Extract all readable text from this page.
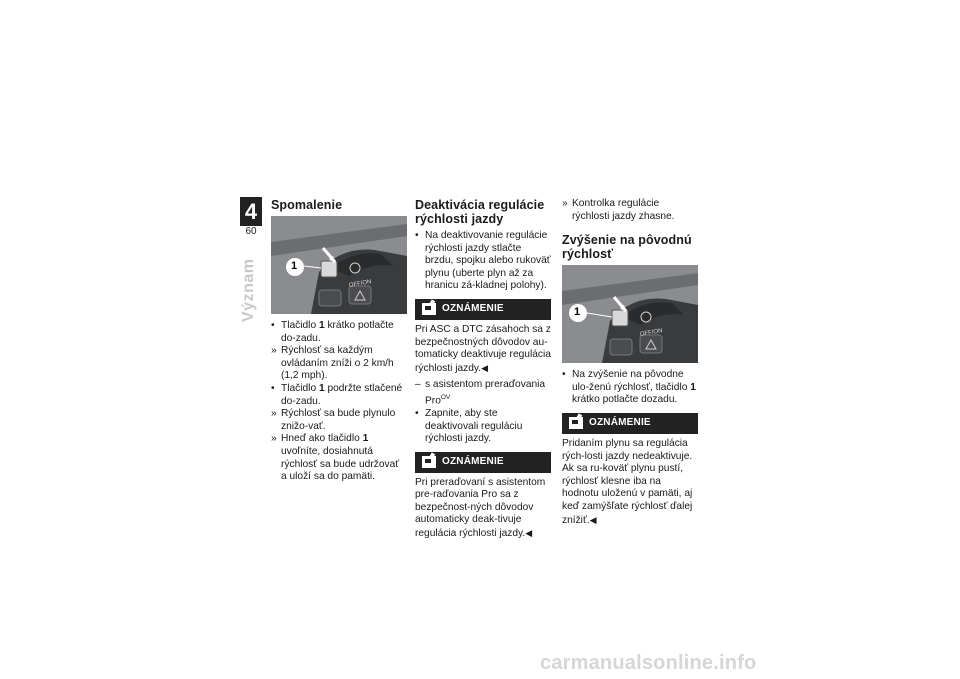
4
60
Význam
Spomalenie
1
OFF/ON
• Tlačidlo 1 krátko potlačte do-zadu.
» Rýchlosť sa každým ovládaním zníži o 2 km/h (1,2 mph).
• Tlačidlo 1 podržte stlačené do-zadu.
» Rýchlosť sa bude plynulo znižo-vať.
» Hneď ako tlačidlo 1 uvoľníte, dosiahnutá rýchlosť sa bude udržovať a uloží sa do pamäti.
Deaktivácia regulácie rýchlosti jazdy
• Na deaktivovanie regulácie rýchlosti jazdy stlačte brzdu, spojku alebo rukoväť plynu (uberte plyn až za hranicu zá-kladnej polohy).
OZNÁMENIE

Pri ASC a DTC zásahoch sa z bezpečnostných dôvodov au-tomaticky deaktivuje regulácia rýchlosti jazdy.◀

– s asistentom preraďovania Pro$^{OV}$
• Zapnite, aby ste deaktivovali reguláciu rýchlosti jazdy.
OZNÁMENIE

Pri preraďovaní s asistentom pre-raďovania Pro sa z bezpečnost-ných dôvodov automaticky deak-tivuje regulácia rýchlosti jazdy.◀

» Kontrolka regulácie rýchlosti jazdy zhasne.
Zvýšenie na pôvodnú rýchlosť
1
OFF/ON
• Na zvýšenie na pôvodne ulo-ženú rýchlosť, tlačidlo 1 krátko potlačte dozadu.
OZNÁMENIE

Pridaním plynu sa regulácia rých-losti jazdy nedeaktivuje. Ak sa ru-koväť plynu pustí, rýchlosť klesne iba na hodnotu uloženú v pamäti, aj keď zamýšľate rýchlosť ďalej znížiť.◀

carmanualsonline.info
